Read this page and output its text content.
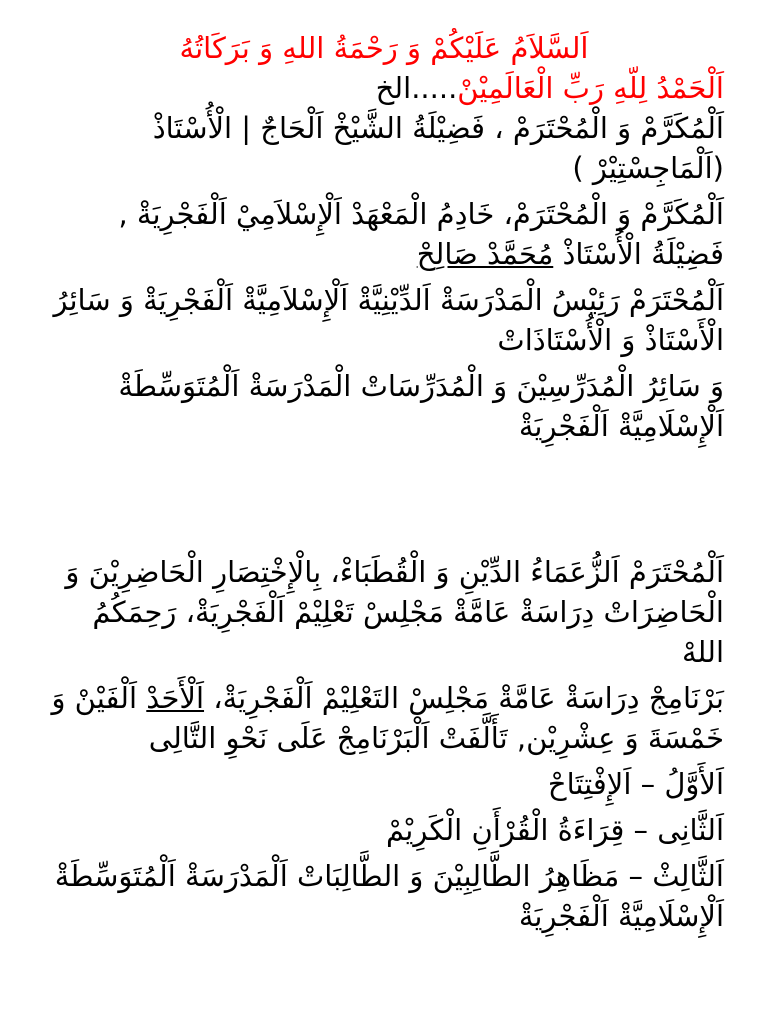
اَلسَّلاَمُ عَلَيْكُمْ وَ رَحْمَةُ اللهِ وَ بَرَكَاتُهُ
اَلْحَمْدُ لِلّهِ رَبِّ الْعَالَمِيْنْ.....الخ
اَلْمُكَرَّمْ وَ الْمُحْتَرَمْ ، فَضِيْلَةُ الشَّيْخْ اَلْحَاجٌ | الْأُسْتَاذْ (اَلْمَاجِسْتِيْرْ )
اَلْمُكَرَّمْ وَ الْمُحْتَرَمْ، خَادِمُ الْمَعْهَدْ اَلْإِسْلاَمِيْ اَلْفَجْرِيَةْ , فَضِيْلَةُ الْأُسْتَاذْ مُحَمَّدْ صَالِحْ
اَلْمُحْتَرَمْ رَئِيْسُ الْمَدْرَسَةْ اَلدِّيْنِيَّةْ اَلْإِسْلاَمِيَّةْ اَلْفَجْرِيَةْ وَ سَائِرُ الْأَسْتَاذْ وَ الْأُسْتَاذَاتْ
وَ سَائِرُ الْمُدَرِّسِيْنَ وَ الْمُدَرِّسَاتْ الْمَدْرَسَةْ اَلْمُتَوَسِّطَةْ اَلْإِسْلَامِيَّةْ اَلْفَجْرِيَةْ
اَلْمُحْتَرَمْ اَلزُّعَمَاءُ الدِّيْنِ وَ الْقُطَبَاءْ، بِالْإِخْتِصَارِ الْحَاضِرِيْنَ وَ الْحَاضِرَاتْ دِرَاسَةْ عَامَّةْ مَجْلِسْ تَعْلِيْمْ اَلْفَجْرِيَةْ، رَحِمَكُمُ اللهْ
بَرْنَامِجْ دِرَاسَةْ عَامَّةْ مَجْلِسْ التَعْلِيْمْ اَلْفَجْرِيَةْ، اَلْأَحَدْ اَلْفَيْنْ وَ خَمْسَةَ وَ عِشْرِيْن, تَأَلَّفَتْ اَلْبَرْنَامِجْ عَلَى نَحْوِ التَّالِى
اَلأَوَّلُ – اَلإِفْتِتَاحْ
اَلثَّانِى – قِرَاءَةُ الْقُرْأَنِ الْكَرِيْمْ
اَلثَّالِثْ – مَظَاهِرُ الطَّالِبِيْنَ وَ الطَّالِبَاتْ اَلْمَدْرَسَةْ اَلْمُتَوَسِّطَةْ اَلْإِسْلَامِيَّةْ اَلْفَجْرِيَةْ
